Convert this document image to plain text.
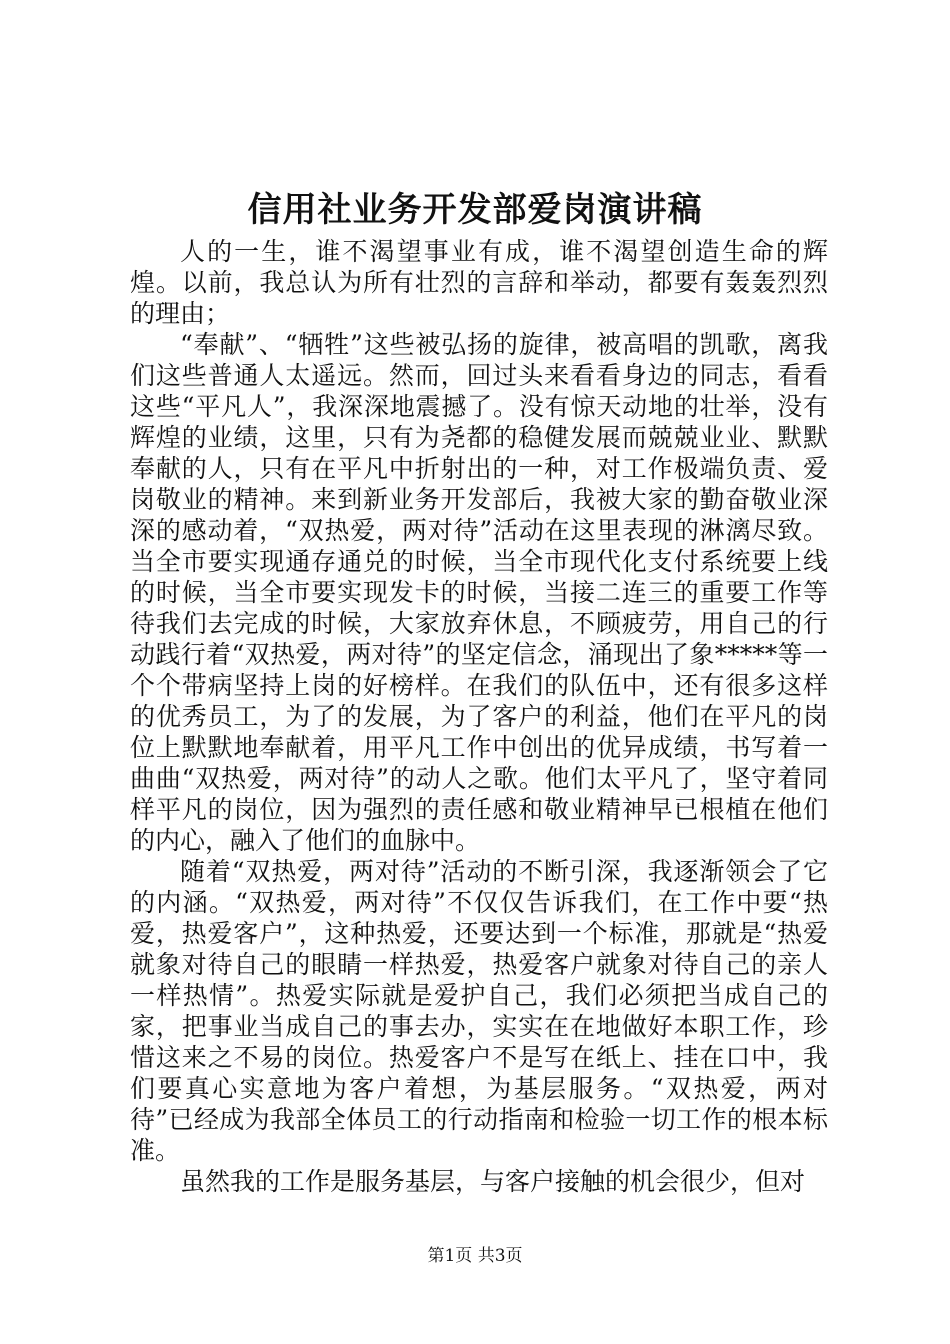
信用社业务开发部爱岗演讲稿

人的一生，谁不渴望事业有成，谁不渴望创造生命的辉煌。以前，我总认为所有壮烈的言辞和举动，都要有轰轰烈烈的理由；

“奉献”、“牺牲”这些被弘扬的旋律，被高唱的凯歌，离我们这些普通人太遥远。然而，回过头来看看身边的同志，看看这些“平凡人”，我深深地震撼了。没有惊天动地的壮举，没有辉煌的业绩，这里，只有为尧都的稳健发展而兢兢业业、默默奉献的人，只有在平凡中折射出的一种，对工作极端负责、爱岗敬业的精神。来到新业务开发部后，我被大家的勤奋敬业深深的感动着，“双热爱，两对待”活动在这里表现的淋漓尽致。当全市要实现通存通兑的时候，当全市现代化支付系统要上线的时候，当全市要实现发卡的时候，当接二连三的重要工作等待我们去完成的时候，大家放弃休息，不顾疲劳，用自己的行动践行着“双热爱，两对待”的坚定信念，涌现出了象*****等一个个带病坚持上岗的好榜样。在我们的队伍中，还有很多这样的优秀员工，为了的发展，为了客户的利益，他们在平凡的岗位上默默地奉献着，用平凡工作中创出的优异成绩，书写着一曲曲“双热爱，两对待”的动人之歌。他们太平凡了，坚守着同样平凡的岗位，因为强烈的责任感和敬业精神早已根植在他们的内心，融入了他们的血脉中。

随着“双热爱，两对待”活动的不断引深，我逐渐领会了它的内涵。“双热爱，两对待”不仅仅告诉我们，在工作中要“热爱，热爱客户”，这种热爱，还要达到一个标准，那就是“热爱就象对待自己的眼睛一样热爱，热爱客户就象对待自己的亲人一样热情”。热爱实际就是爱护自己，我们必须把当成自己的家，把事业当成自己的事去办，实实在在地做好本职工作，珍惜这来之不易的岗位。热爱客户不是写在纸上、挂在口中，我们要真心实意地为客户着想，为基层服务。“双热爱，两对待”已经成为我部全体员工的行动指南和检验一切工作的根本标准。

虽然我的工作是服务基层，与客户接触的机会很少，但对

第1页 共3页
